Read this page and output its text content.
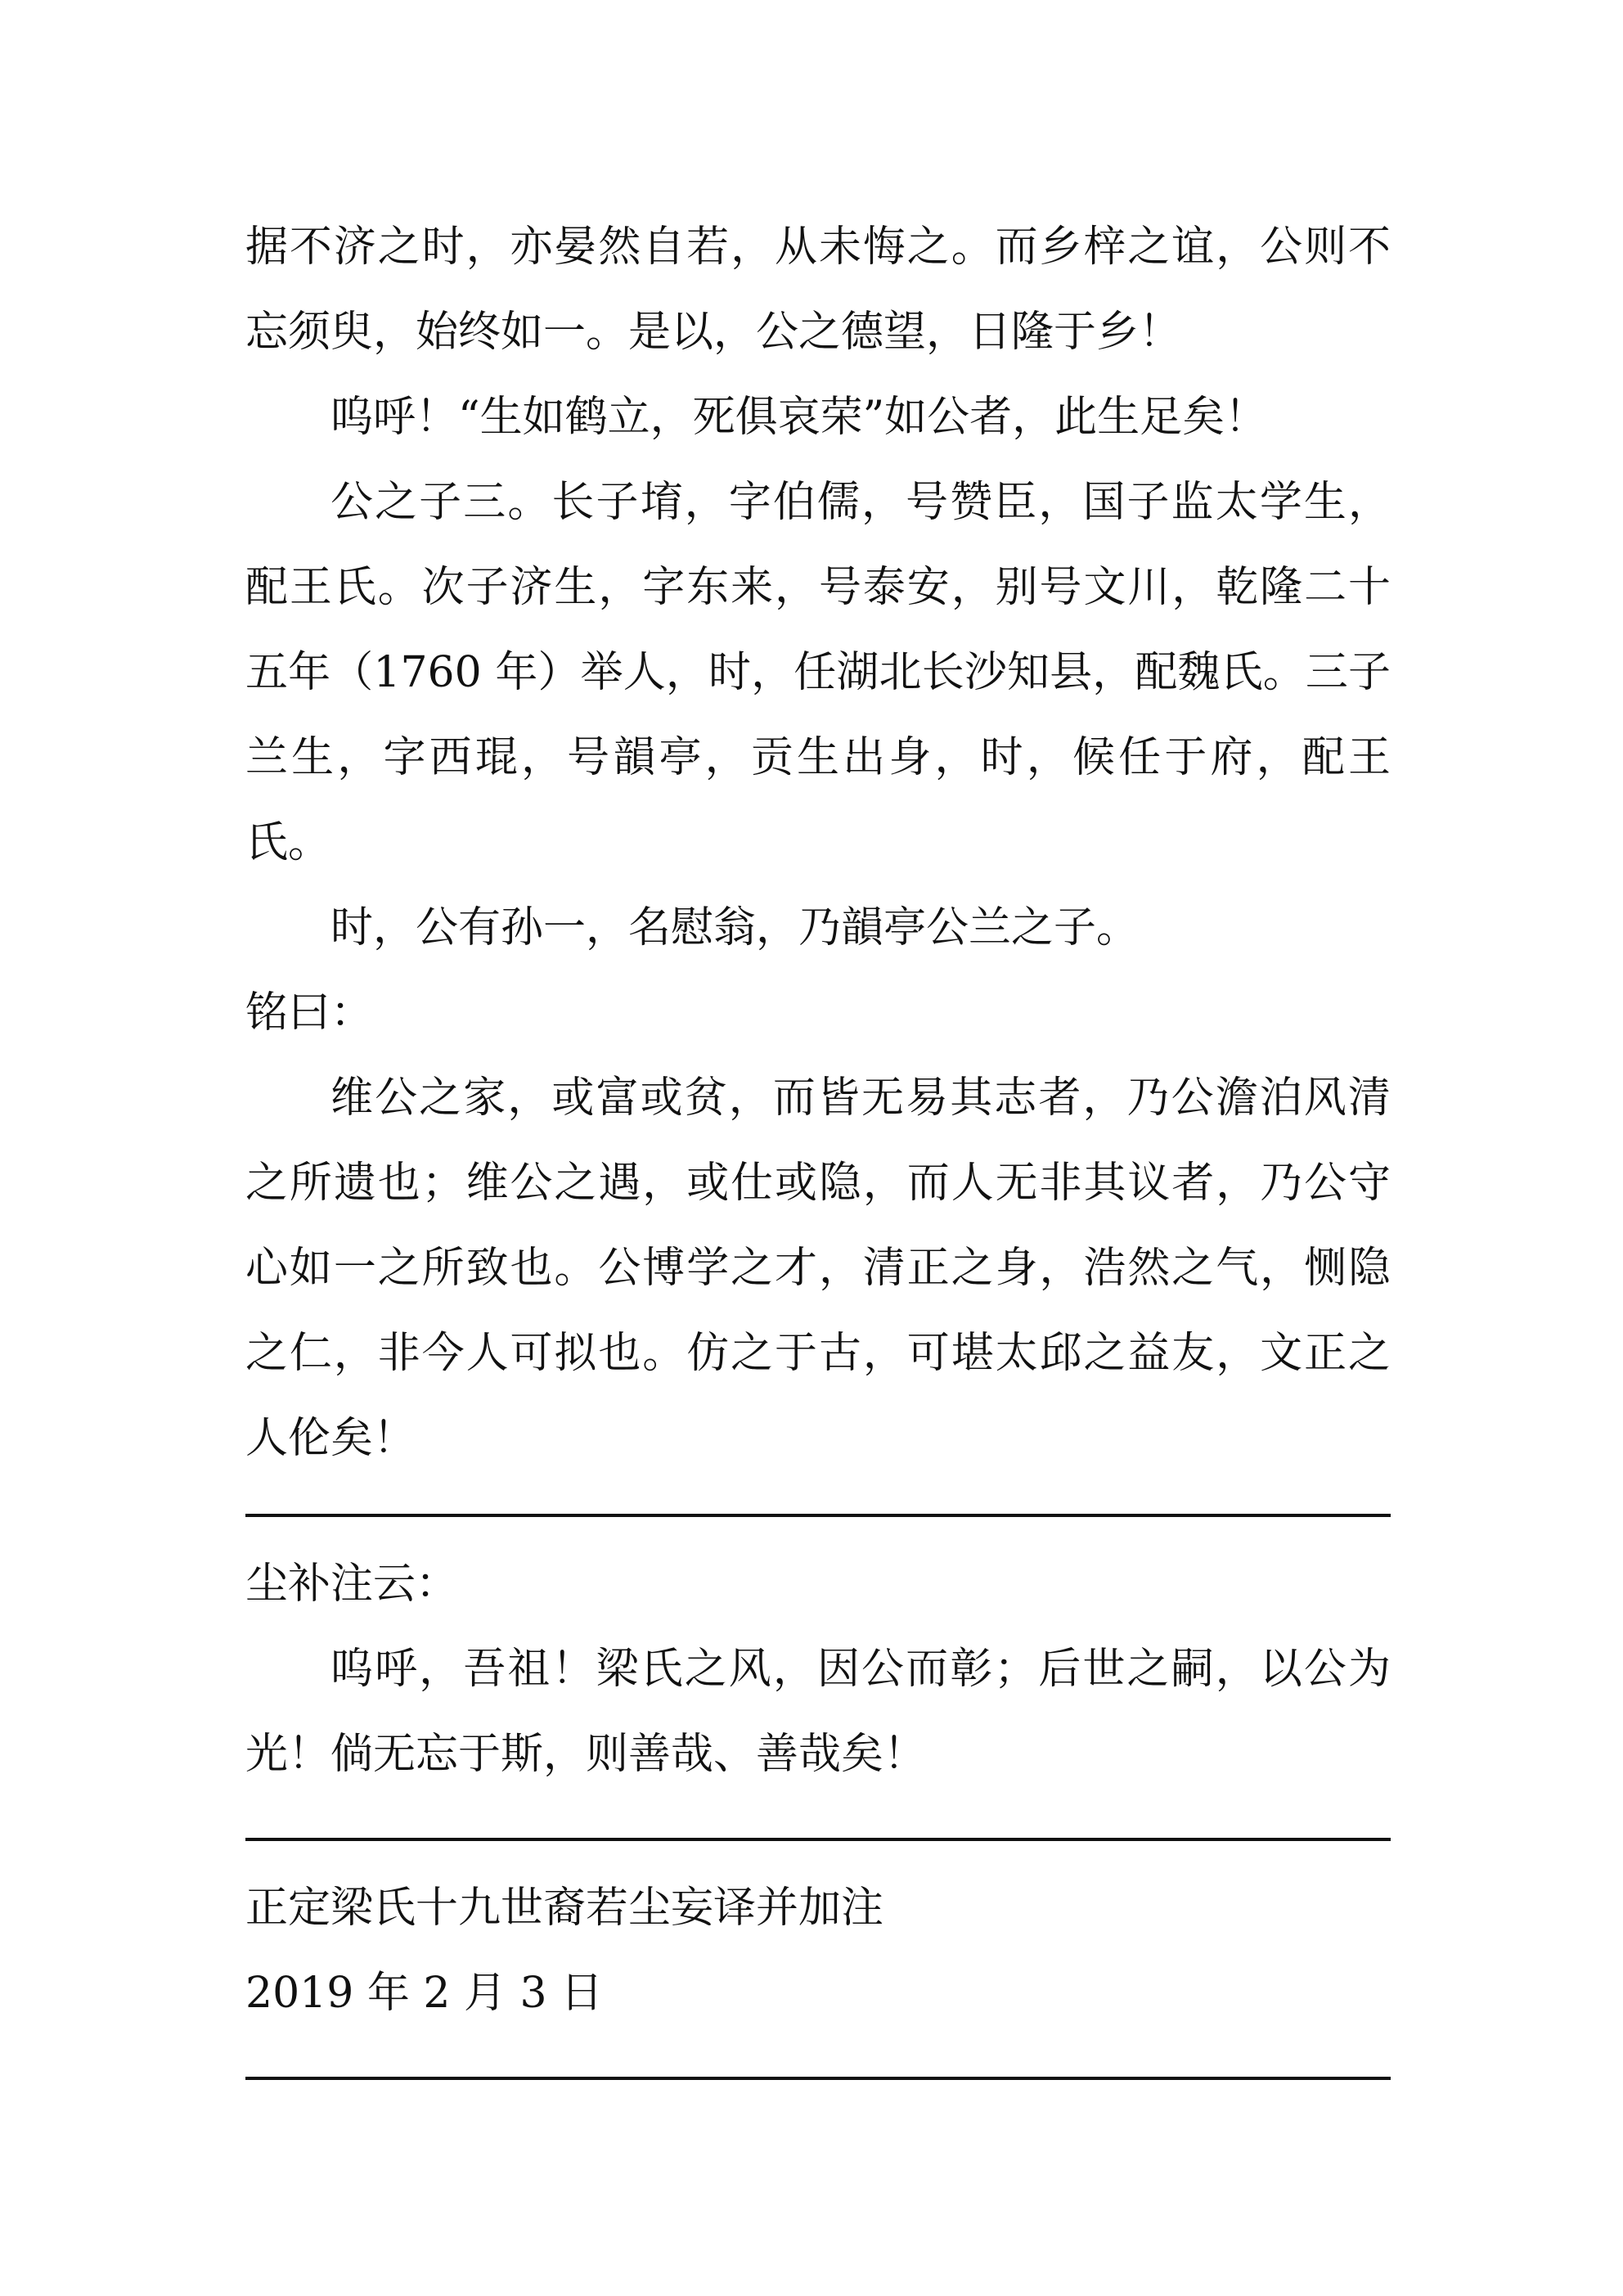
据不济之时，亦晏然自若，从未悔之。而乡梓之谊，公则不忘须臾，始终如一。是以，公之德望，日隆于乡！

呜呼！“生如鹤立，死俱哀荣”如公者，此生足矣！

公之子三。长子堉，字伯儒，号赞臣，国子监太学生，配王氏。次子济生，字东来，号泰安，别号文川，乾隆二十五年（1760 年）举人，时，任湖北长沙知县，配魏氏。三子兰生，字西琨，号韻亭，贡生出身，时，候任于府，配王氏。

时，公有孙一，名慰翁，乃韻亭公兰之子。

铭曰：

维公之家，或富或贫，而皆无易其志者，乃公澹泊风清之所遗也；维公之遇，或仕或隐，而人无非其议者，乃公守心如一之所致也。公博学之才，清正之身，浩然之气，恻隐之仁，非今人可拟也。仿之于古，可堪太邱之益友，文正之人伦矣！

尘补注云：

呜呼，吾祖！梁氏之风，因公而彰；后世之嗣，以公为光！倘无忘于斯，则善哉、善哉矣！

正定梁氏十九世裔若尘妄译并加注

2019 年 2 月 3 日
